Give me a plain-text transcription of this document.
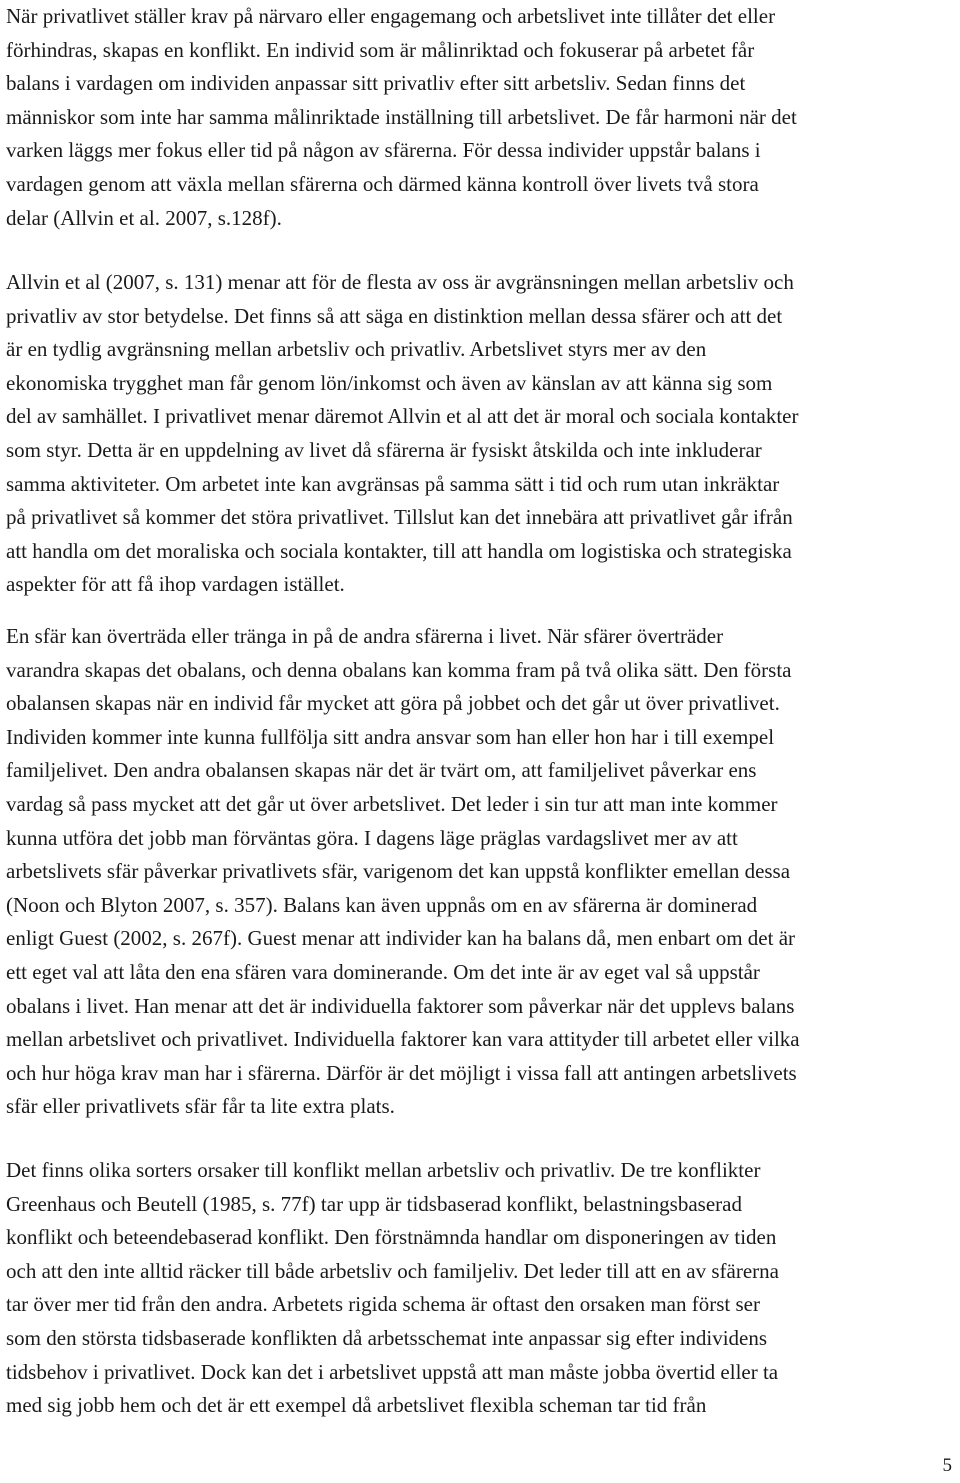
När privatlivet ställer krav på närvaro eller engagemang och arbetslivet inte tillåter det eller
förhindras, skapas en konflikt. En individ som är målinriktad och fokuserar på arbetet får
balans i vardagen om individen anpassar sitt privatliv efter sitt arbetsliv. Sedan finns det
människor som inte har samma målinriktade inställning till arbetslivet. De får harmoni när det
varken läggs mer fokus eller tid på någon av sfärerna. För dessa individer uppstår balans i
vardagen genom att växla mellan sfärerna och därmed känna kontroll över livets två stora
delar (Allvin et al. 2007, s.128f).
Allvin et al (2007, s. 131) menar att för de flesta av oss är avgränsningen mellan arbetsliv och
privatliv av stor betydelse. Det finns så att säga en distinktion mellan dessa sfärer och att det
är en tydlig avgränsning mellan arbetsliv och privatliv. Arbetslivet styrs mer av den
ekonomiska trygghet man får genom lön/inkomst och även av känslan av att känna sig som
del av samhället. I privatlivet menar däremot Allvin et al att det är moral och sociala kontakter
som styr. Detta är en uppdelning av livet då sfärerna är fysiskt åtskilda och inte inkluderar
samma aktiviteter. Om arbetet inte kan avgränsas på samma sätt i tid och rum utan inkräktar
på privatlivet så kommer det störa privatlivet. Tillslut kan det innebära att privatlivet går ifrån
att handla om det moraliska och sociala kontakter, till att handla om logistiska och strategiska
aspekter för att få ihop vardagen istället.
En sfär kan överträda eller tränga in på de andra sfärerna i livet. När sfärer överträder
varandra skapas det obalans, och denna obalans kan komma fram på två olika sätt. Den första
obalansen skapas när en individ får mycket att göra på jobbet och det går ut över privatlivet.
Individen kommer inte kunna fullfölja sitt andra ansvar som han eller hon har i till exempel
familjelivet. Den andra obalansen skapas när det är tvärt om, att familjelivet påverkar ens
vardag så pass mycket att det går ut över arbetslivet. Det leder i sin tur att man inte kommer
kunna utföra det jobb man förväntas göra. I dagens läge präglas vardagslivet mer av att
arbetslivets sfär påverkar privatlivets sfär, varigenom det kan uppstå konflikter emellan dessa
(Noon och Blyton 2007, s. 357). Balans kan även uppnås om en av sfärerna är dominerad
enligt Guest (2002, s. 267f). Guest menar att individer kan ha balans då, men enbart om det är
ett eget val att låta den ena sfären vara dominerande. Om det inte är av eget val så uppstår
obalans i livet. Han menar att det är individuella faktorer som påverkar när det upplevs balans
mellan arbetslivet och privatlivet. Individuella faktorer kan vara attityder till arbetet eller vilka
och hur höga krav man har i sfärerna. Därför är det möjligt i vissa fall att antingen arbetslivets
sfär eller privatlivets sfär får ta lite extra plats.
Det finns olika sorters orsaker till konflikt mellan arbetsliv och privatliv. De tre konflikter
Greenhaus och Beutell (1985, s. 77f) tar upp är tidsbaserad konflikt, belastningsbaserad
konflikt och beteendebaserad konflikt. Den förstnämnda handlar om disponeringen av tiden
och att den inte alltid räcker till både arbetsliv och familjeliv. Det leder till att en av sfärerna
tar över mer tid från den andra. Arbetets rigida schema är oftast den orsaken man först ser
som den största tidsbaserade konflikten då arbetsschemat inte anpassar sig efter individens
tidsbehov i privatlivet. Dock kan det i arbetslivet uppstå att man måste jobba övertid eller ta
med sig jobb hem och det är ett exempel då arbetslivet flexibla scheman tar tid från
5
